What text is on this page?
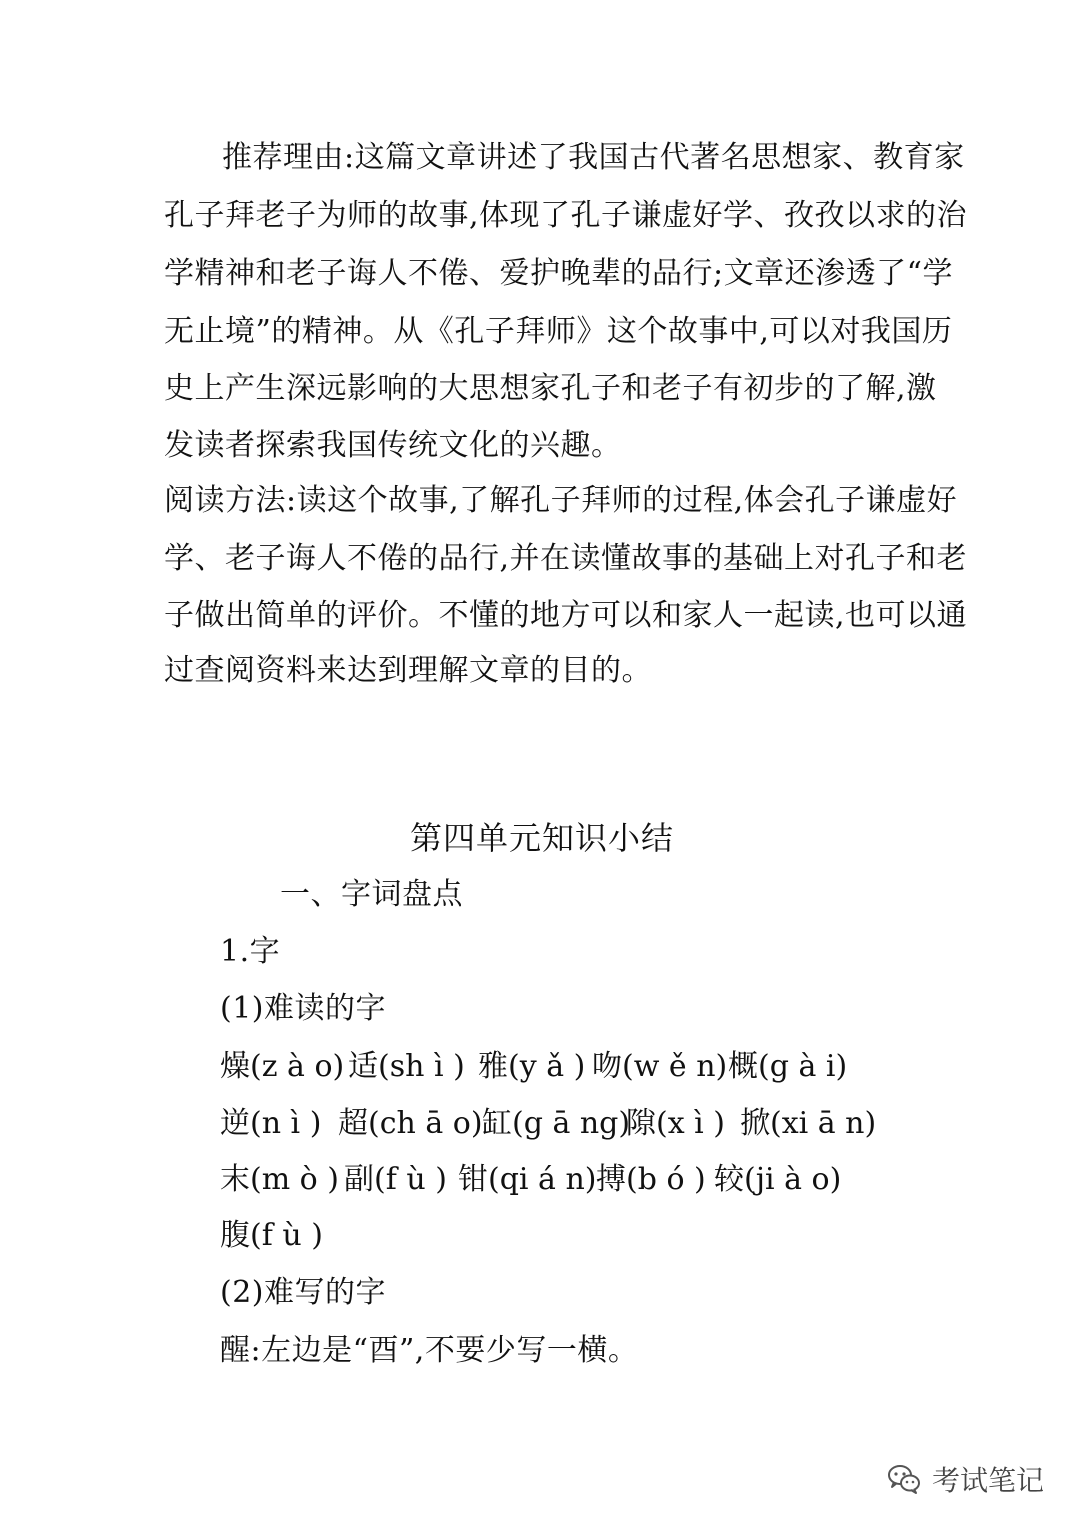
推荐理由:这篇文章讲述了我国古代著名思想家、教育家
孔子拜老子为师的故事,体现了孔子谦虚好学、孜孜以求的治
学精神和老子诲人不倦、爱护晚辈的品行;文章还渗透了“学
无止境”的精神。从《孔子拜师》这个故事中,可以对我国历
史上产生深远影响的大思想家孔子和老子有初步的了解,激
发读者探索我国传统文化的兴趣。
阅读方法:读这个故事,了解孔子拜师的过程,体会孔子谦虚好
学、老子诲人不倦的品行,并在读懂故事的基础上对孔子和老
子做出简单的评价。不懂的地方可以和家人一起读,也可以通
过查阅资料来达到理解文章的目的。
第四单元知识小结
一、字词盘点
1.字
(1)难读的字
燥(z à o) 适(sh ì ) 雅(y ǎ ) 吻(w ě n) 概(g à i)
逆(n ì ) 超(ch ā o) 缸(g ā ng)
隙(x ì ) 掀(xi ā n)
末(m ò ) 副(f ù ) 钳(qi á n) 搏(b ó ) 较(ji à o)
腹(f ù )
(2)难写的字
醒:左边是“酉”,不要少写一横。
考试笔记
